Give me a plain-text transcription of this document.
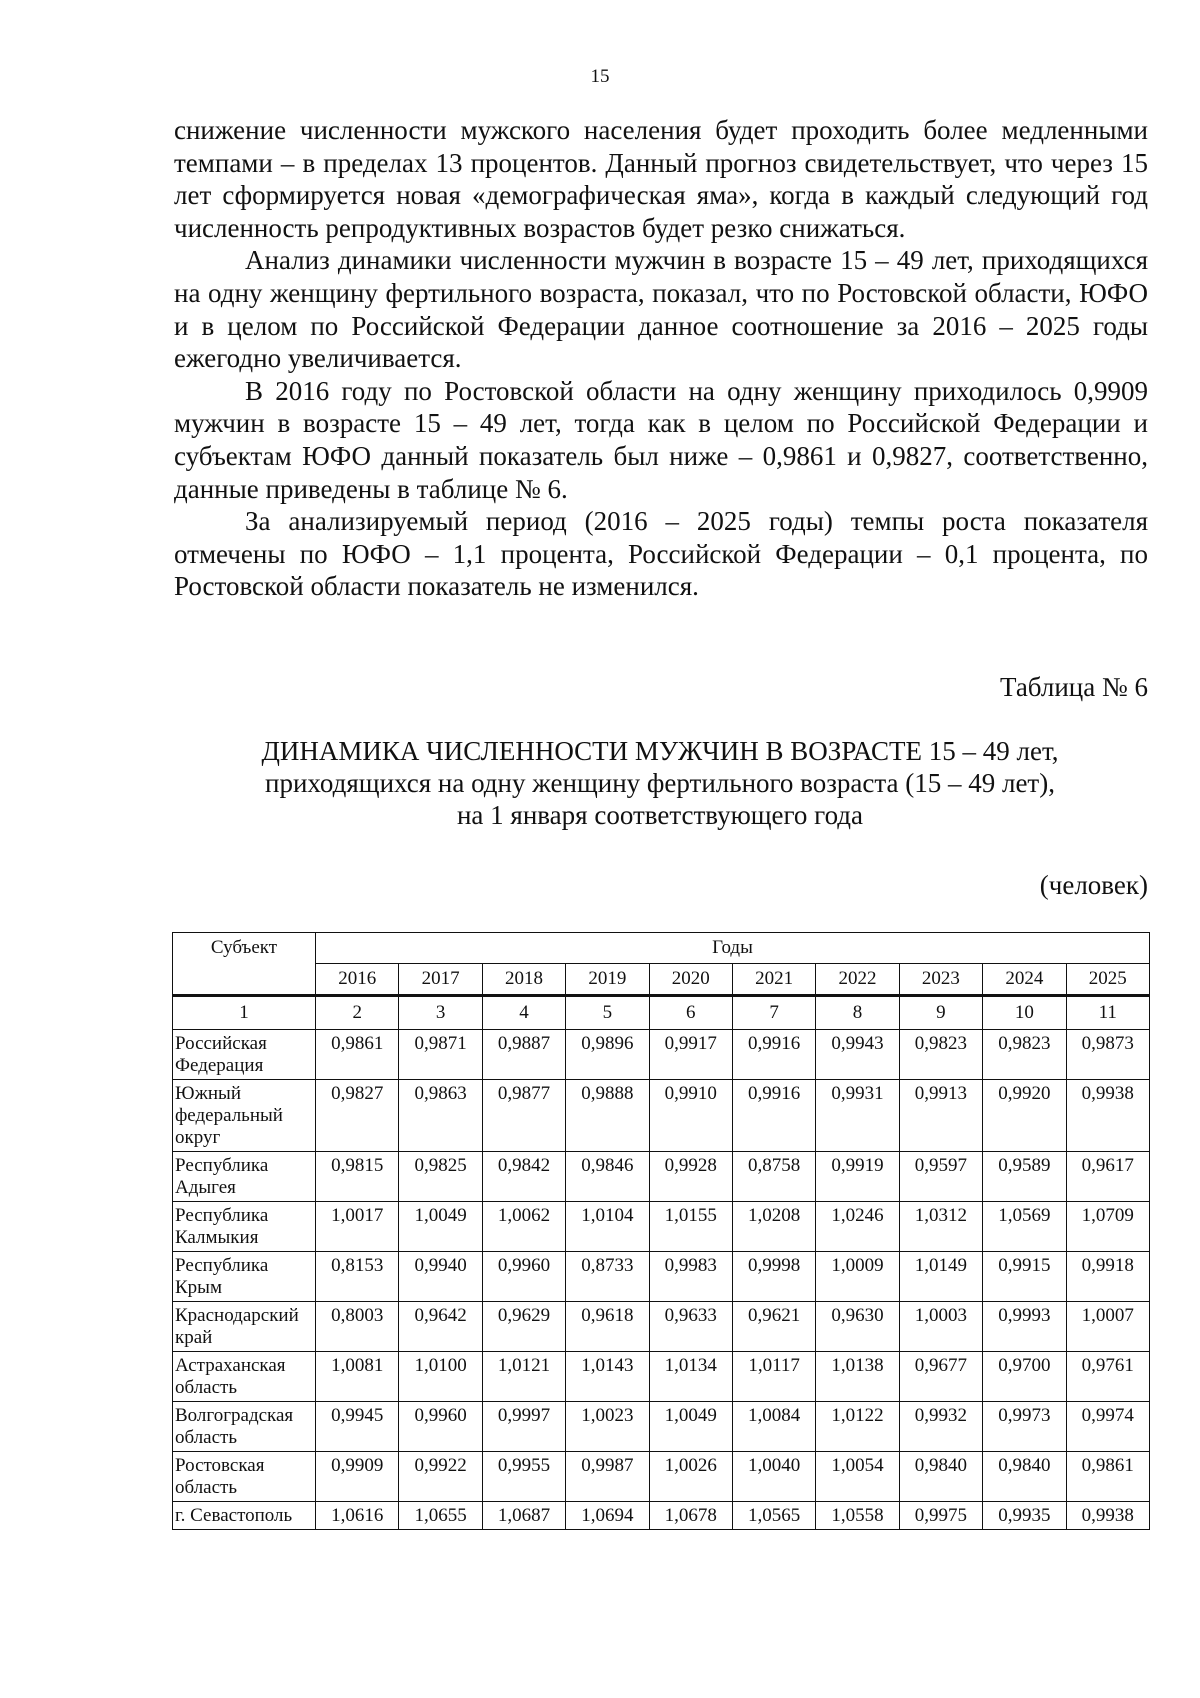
15

снижение численности мужского населения будет проходить более медленными темпами – в пределах 13 процентов. Данный прогноз свидетельствует, что через 15 лет сформируется новая «демографическая яма», когда в каждый следующий год численность репродуктивных возрастов будет резко снижаться.

Анализ динамики численности мужчин в возрасте 15 – 49 лет, приходящихся на одну женщину фертильного возраста, показал, что по Ростовской области, ЮФО и в целом по Российской Федерации данное соотношение за 2016 – 2025 годы ежегодно увеличивается.

В 2016 году по Ростовской области на одну женщину приходилось 0,9909 мужчин в возрасте 15 – 49 лет, тогда как в целом по Российской Федерации и субъектам ЮФО данный показатель был ниже – 0,9861 и 0,9827, соответственно, данные приведены в таблице № 6.

За анализируемый период (2016 – 2025 годы) темпы роста показателя отмечены по ЮФО – 1,1 процента, Российской Федерации – 0,1 процента, по Ростовской области показатель не изменился.

Таблица № 6
ДИНАМИКА ЧИСЛЕННОСТИ МУЖЧИН В ВОЗРАСТЕ 15 – 49 лет,
приходящихся на одну женщину фертильного возраста (15 – 49 лет),
на 1 января соответствующего года
(человек)
Субъект	Годы									
	2016	2017	2018	2019	2020	2021	2022	2023	2024	2025
1	2	3	4	5	6	7	8	9	10	11
Российская Федерация	0,9861	0,9871	0,9887	0,9896	0,9917	0,9916	0,9943	0,9823	0,9823	0,9873
Южный федеральный округ	0,9827	0,9863	0,9877	0,9888	0,9910	0,9916	0,9931	0,9913	0,9920	0,9938
Республика Адыгея	0,9815	0,9825	0,9842	0,9846	0,9928	0,8758	0,9919	0,9597	0,9589	0,9617
Республика Калмыкия	1,0017	1,0049	1,0062	1,0104	1,0155	1,0208	1,0246	1,0312	1,0569	1,0709
Республика Крым	0,8153	0,9940	0,9960	0,8733	0,9983	0,9998	1,0009	1,0149	0,9915	0,9918
Краснодарский край	0,8003	0,9642	0,9629	0,9618	0,9633	0,9621	0,9630	1,0003	0,9993	1,0007
Астраханская область	1,0081	1,0100	1,0121	1,0143	1,0134	1,0117	1,0138	0,9677	0,9700	0,9761
Волгоградская область	0,9945	0,9960	0,9997	1,0023	1,0049	1,0084	1,0122	0,9932	0,9973	0,9974
Ростовская область	0,9909	0,9922	0,9955	0,9987	1,0026	1,0040	1,0054	0,9840	0,9840	0,9861
г. Севастополь	1,0616	1,0655	1,0687	1,0694	1,0678	1,0565	1,0558	0,9975	0,9935	0,9938
